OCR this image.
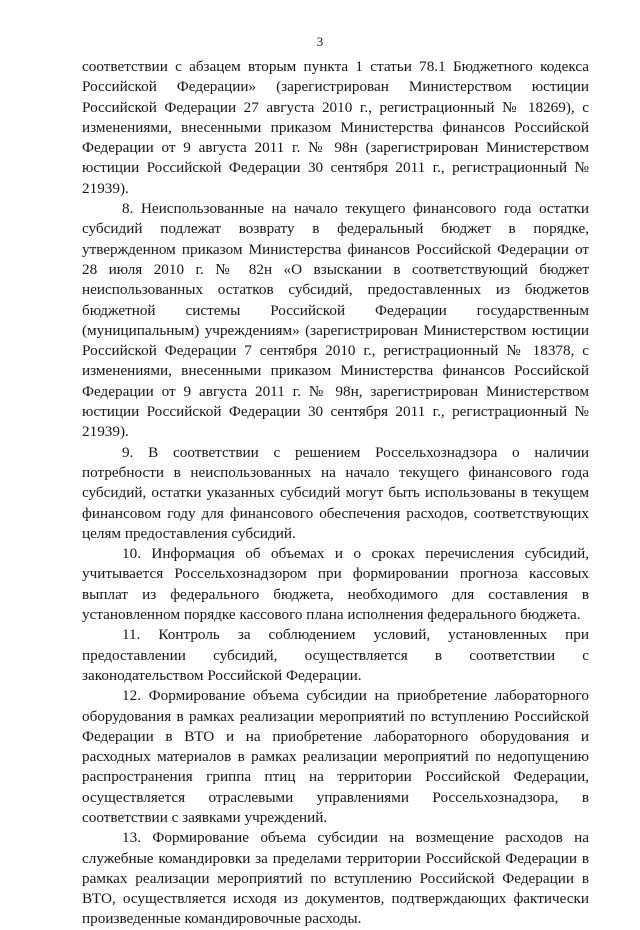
3

соответствии с абзацем вторым пункта 1 статьи 78.1 Бюджетного кодекса Российской Федерации» (зарегистрирован Министерством юстиции Российской Федерации 27 августа 2010 г., регистрационный № 18269), с изменениями, внесенными приказом Министерства финансов Российской Федерации от 9 августа 2011 г. № 98н (зарегистрирован Министерством юстиции Российской Федерации 30 сентября 2011 г., регистрационный № 21939).

8. Неиспользованные на начало текущего финансового года остатки субсидий подлежат возврату в федеральный бюджет в порядке, утвержденном приказом Министерства финансов Российской Федерации от 28 июля 2010 г. № 82н «О взыскании в соответствующий бюджет неиспользованных остатков субсидий, предоставленных из бюджетов бюджетной системы Российской Федерации государственным (муниципальным) учреждениям» (зарегистрирован Министерством юстиции Российской Федерации 7 сентября 2010 г., регистрационный № 18378, с изменениями, внесенными приказом Министерства финансов Российской Федерации от 9 августа 2011 г. № 98н, зарегистрирован Министерством юстиции Российской Федерации 30 сентября 2011 г., регистрационный № 21939).

9. В соответствии с решением Россельхознадзора о наличии потребности в неиспользованных на начало текущего финансового года субсидий, остатки указанных субсидий могут быть использованы в текущем финансовом году для финансового обеспечения расходов, соответствующих целям предоставления субсидий.

10. Информация об объемах и о сроках перечисления субсидий, учитывается Россельхознадзором при формировании прогноза кассовых выплат из федерального бюджета, необходимого для составления в установленном порядке кассового плана исполнения федерального бюджета.

11. Контроль за соблюдением условий, установленных при предоставлении субсидий, осуществляется в соответствии с законодательством Российской Федерации.

12. Формирование объема субсидии на приобретение лабораторного оборудования в рамках реализации мероприятий по вступлению Российской Федерации в ВТО и на приобретение лабораторного оборудования и расходных материалов в рамках реализации мероприятий по недопущению распространения гриппа птиц на территории Российской Федерации, осуществляется отраслевыми управлениями Россельхознадзора, в соответствии с заявками учреждений.

13. Формирование объема субсидии на возмещение расходов на служебные командировки за пределами территории Российской Федерации в рамках реализации мероприятий по вступлению Российской Федерации в ВТО, осуществляется исходя из документов, подтверждающих фактически произведенные командировочные расходы.
